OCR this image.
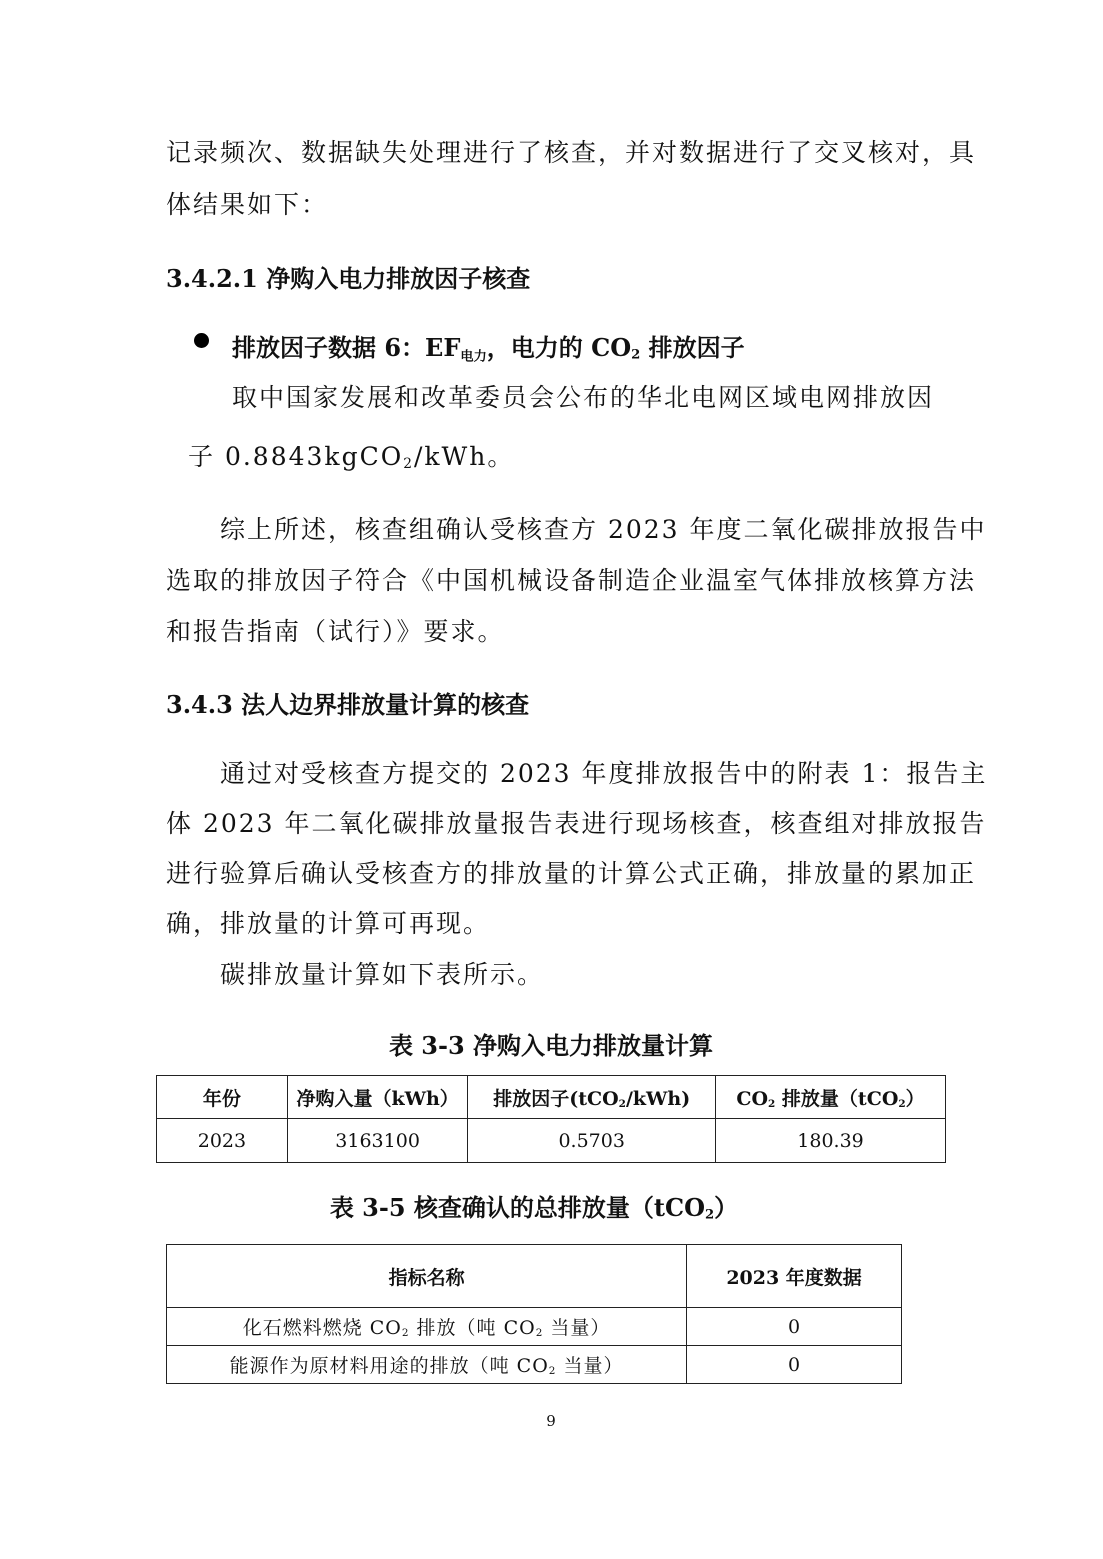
记录频次、数据缺失处理进行了核查，并对数据进行了交叉核对，具

体结果如下：

3.4.2.1 净购入电力排放因子核查

排放因子数据 6：EF电力，电力的 $CO_2$ 排放因子

取中国家发展和改革委员会公布的华北电网区域电网排放因

子 0.8843kgCO$_2$/kWh。

综上所述，核查组确认受核查方 2023 年度二氧化碳排放报告中

选取的排放因子符合《中国机械设备制造企业温室气体排放核算方法

和报告指南（试行）》要求。

3.4.3 法人边界排放量计算的核查

通过对受核查方提交的 2023 年度排放报告中的附表 1：报告主

体 2023 年二氧化碳排放量报告表进行现场核查，核查组对排放报告

进行验算后确认受核查方的排放量的计算公式正确，排放量的累加正

确，排放量的计算可再现。

碳排放量计算如下表所示。

表 3-3 净购入电力排放量计算

年份	净购入量（kWh）	排放因子(tCO$_2$/kWh)	$CO_2$ 排放量（tCO$_2$）
2023	3163100	0.5703	180.39

表 3-5 核查确认的总排放量（tCO$_2$）

指标名称	2023 年度数据
化石燃料燃烧 $CO_2$ 排放（吨 $CO_2$ 当量）	0
能源作为原材料用途的排放（吨 $CO_2$ 当量）	0

9
